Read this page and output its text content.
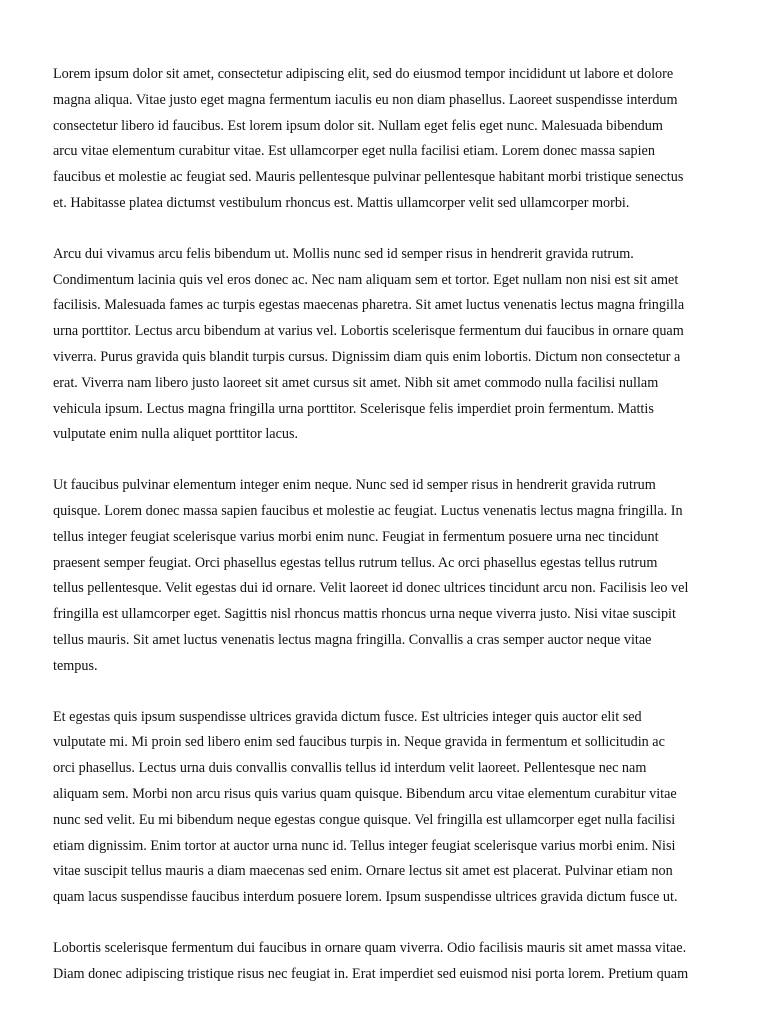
Lorem ipsum dolor sit amet, consectetur adipiscing elit, sed do eiusmod tempor incididunt ut labore et dolore
magna aliqua. Vitae justo eget magna fermentum iaculis eu non diam phasellus. Laoreet suspendisse interdum
consectetur libero id faucibus. Est lorem ipsum dolor sit. Nullam eget felis eget nunc. Malesuada bibendum
arcu vitae elementum curabitur vitae. Est ullamcorper eget nulla facilisi etiam. Lorem donec massa sapien
faucibus et molestie ac feugiat sed. Mauris pellentesque pulvinar pellentesque habitant morbi tristique senectus
et. Habitasse platea dictumst vestibulum rhoncus est. Mattis ullamcorper velit sed ullamcorper morbi.

Arcu dui vivamus arcu felis bibendum ut. Mollis nunc sed id semper risus in hendrerit gravida rutrum.
Condimentum lacinia quis vel eros donec ac. Nec nam aliquam sem et tortor. Eget nullam non nisi est sit amet
facilisis. Malesuada fames ac turpis egestas maecenas pharetra. Sit amet luctus venenatis lectus magna fringilla
urna porttitor. Lectus arcu bibendum at varius vel. Lobortis scelerisque fermentum dui faucibus in ornare quam
viverra. Purus gravida quis blandit turpis cursus. Dignissim diam quis enim lobortis. Dictum non consectetur a
erat. Viverra nam libero justo laoreet sit amet cursus sit amet. Nibh sit amet commodo nulla facilisi nullam
vehicula ipsum. Lectus magna fringilla urna porttitor. Scelerisque felis imperdiet proin fermentum. Mattis
vulputate enim nulla aliquet porttitor lacus.

Ut faucibus pulvinar elementum integer enim neque. Nunc sed id semper risus in hendrerit gravida rutrum
quisque. Lorem donec massa sapien faucibus et molestie ac feugiat. Luctus venenatis lectus magna fringilla. In
tellus integer feugiat scelerisque varius morbi enim nunc. Feugiat in fermentum posuere urna nec tincidunt
praesent semper feugiat. Orci phasellus egestas tellus rutrum tellus. Ac orci phasellus egestas tellus rutrum
tellus pellentesque. Velit egestas dui id ornare. Velit laoreet id donec ultrices tincidunt arcu non. Facilisis leo vel
fringilla est ullamcorper eget. Sagittis nisl rhoncus mattis rhoncus urna neque viverra justo. Nisi vitae suscipit
tellus mauris. Sit amet luctus venenatis lectus magna fringilla. Convallis a cras semper auctor neque vitae
tempus.

Et egestas quis ipsum suspendisse ultrices gravida dictum fusce. Est ultricies integer quis auctor elit sed
vulputate mi. Mi proin sed libero enim sed faucibus turpis in. Neque gravida in fermentum et sollicitudin ac
orci phasellus. Lectus urna duis convallis convallis tellus id interdum velit laoreet. Pellentesque nec nam
aliquam sem. Morbi non arcu risus quis varius quam quisque. Bibendum arcu vitae elementum curabitur vitae
nunc sed velit. Eu mi bibendum neque egestas congue quisque. Vel fringilla est ullamcorper eget nulla facilisi
etiam dignissim. Enim tortor at auctor urna nunc id. Tellus integer feugiat scelerisque varius morbi enim. Nisi
vitae suscipit tellus mauris a diam maecenas sed enim. Ornare lectus sit amet est placerat. Pulvinar etiam non
quam lacus suspendisse faucibus interdum posuere lorem. Ipsum suspendisse ultrices gravida dictum fusce ut.

Lobortis scelerisque fermentum dui faucibus in ornare quam viverra. Odio facilisis mauris sit amet massa vitae.
Diam donec adipiscing tristique risus nec feugiat in. Erat imperdiet sed euismod nisi porta lorem. Pretium quam
